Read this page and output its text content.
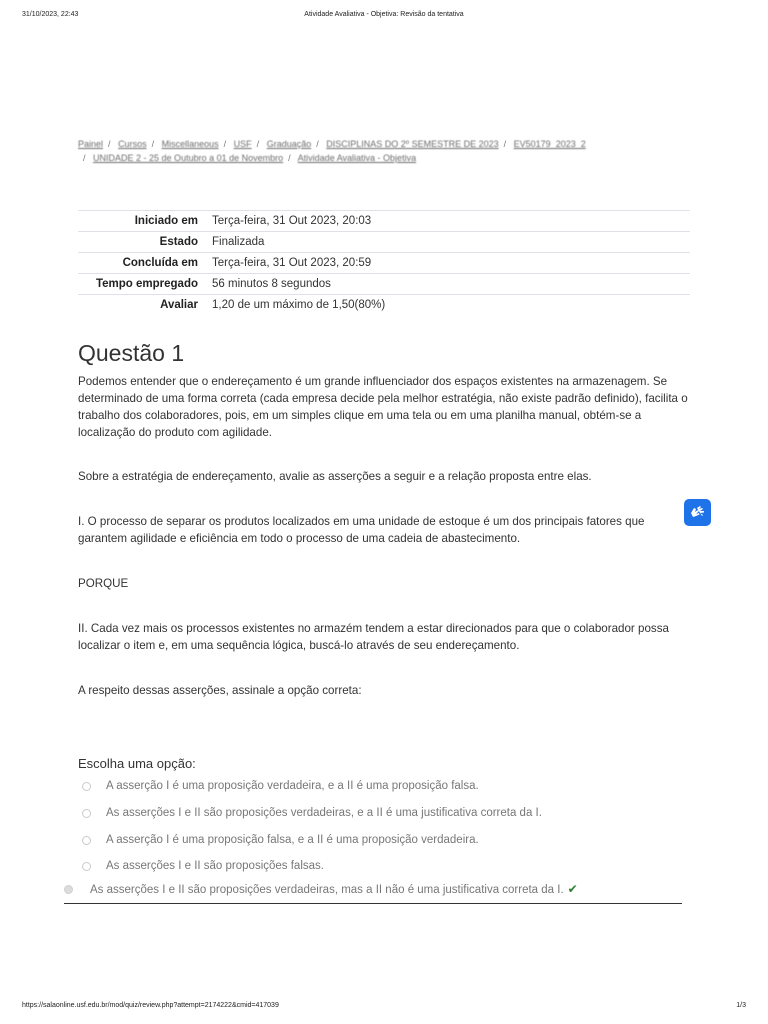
31/10/2023, 22:43	Atividade Avaliativa - Objetiva: Revisão da tentativa
Painel / Cursos / Miscellaneous / USF / Graduação / DISCIPLINAS DO 2º SEMESTRE DE 2023 / EV50179_2023_2
/ UNIDADE 2 - 25 de Outubro a 01 de Novembro / Atividade Avaliativa - Objetiva
Iniciado em	Terça-feira, 31 Out 2023, 20:03
Estado	Finalizada
Concluída em	Terça-feira, 31 Out 2023, 20:59
Tempo empregado	56 minutos 8 segundos
Avaliar	1,20 de um máximo de 1,50(80%)
Questão 1

Podemos entender que o endereçamento é um grande influenciador dos espaços existentes na armazenagem. Se determinado de uma forma correta (cada empresa decide pela melhor estratégia, não existe padrão definido), facilita o trabalho dos colaboradores, pois, em um simples clique em uma tela ou em uma planilha manual, obtém-se a localização do produto com agilidade.

Sobre a estratégia de endereçamento, avalie as asserções a seguir e a relação proposta entre elas.

I. O processo de separar os produtos localizados em uma unidade de estoque é um dos principais fatores que garantem agilidade e eficiência em todo o processo de uma cadeia de abastecimento.

PORQUE

II. Cada vez mais os processos existentes no armazém tendem a estar direcionados para que o colaborador possa localizar o item e, em uma sequência lógica, buscá-lo através de seu endereçamento.

A respeito dessas asserções, assinale a opção correta:

Escolha uma opção:
A asserção I é uma proposição verdadeira, e a II é uma proposição falsa.
As asserções I e II são proposições verdadeiras, e a II é uma justificativa correta da I.
A asserção I é uma proposição falsa, e a II é uma proposição verdadeira.
As asserções I e II são proposições falsas.
As asserções I e II são proposições verdadeiras, mas a II não é uma justificativa correta da I. ✔
https://salaonline.usf.edu.br/mod/quiz/review.php?attempt=2174222&cmid=417039	1/3
